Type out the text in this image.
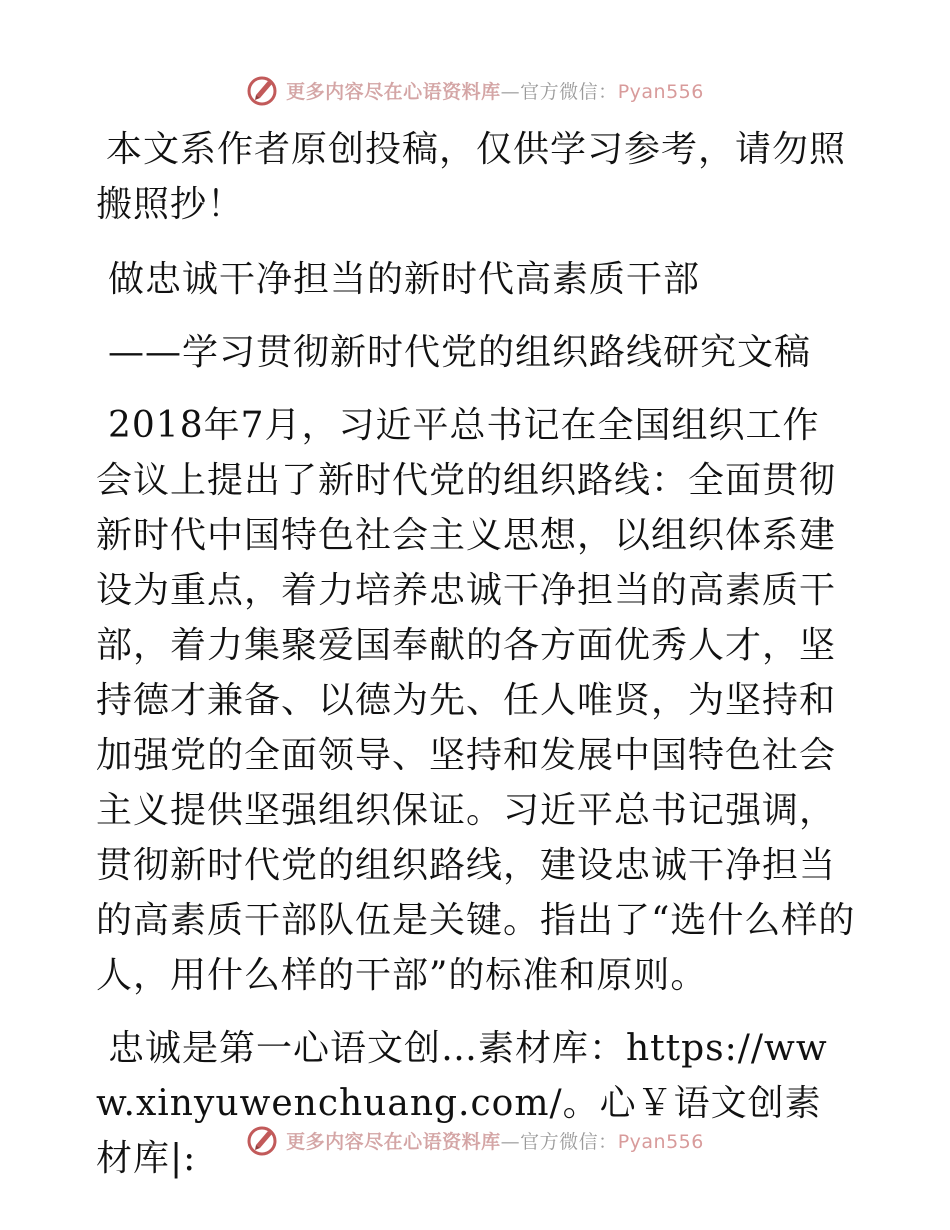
更多内容尽在心语资料库—官方微信：Pyan556

本文系作者原创投稿，仅供学习参考，请勿照搬照抄！

做忠诚干净担当的新时代高素质干部

——学习贯彻新时代党的组织路线研究文稿

2018年7月，习近平总书记在全国组织工作会议上提出了新时代党的组织路线：全面贯彻新时代中国特色社会主义思想，以组织体系建设为重点，着力培养忠诚干净担当的高素质干部，着力集聚爱国奉献的各方面优秀人才，坚持德才兼备、以德为先、任人唯贤，为坚持和加强党的全面领导、坚持和发展中国特色社会主义提供坚强组织保证。习近平总书记强调，贯彻新时代党的组织路线，建设忠诚干净担当的高素质干部队伍是关键。指出了“选什么样的人，用什么样的干部”的标准和原则。

忠诚是第一心语文创…素材库：https://www.xinyuwenchuang.com/。心￥语文创素材库|:	更多内容尽在心语资料库—官方微信：Pyan556
